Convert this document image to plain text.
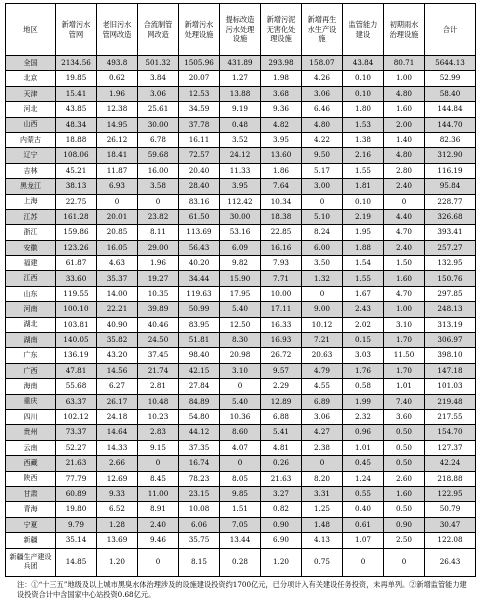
地区	新增污水管网	老旧污水管网改造	合流制管网改造	新增污水处理设施	提标改造污水处理设施	新增污泥无害化处理设施	新增再生水生产设施	监管能力建设	初期雨水治理设施	合计
全国	2134.56	493.8	501.32	1505.96	431.89	293.98	158.07	43.84	80.71	5644.13
北京	19.85	0.62	3.84	20.07	1.27	1.98	4.26	0.10	1.00	52.99
天津	15.41	1.96	3.06	12.53	13.88	3.68	3.06	0.10	4.80	58.40
河北	43.85	12.38	25.61	34.59	9.19	9.36	6.46	1.80	1.60	144.84
山西	48.34	14.95	30.00	37.78	0.48	4.82	4.80	1.53	2.00	144.70
内蒙古	18.88	26.12	6.78	16.11	3.52	3.95	4.22	1.38	1.40	82.36
辽宁	108.06	18.41	59.68	72.57	24.12	13.60	9.50	2.16	4.80	312.90
吉林	45.21	11.87	16.00	20.40	11.33	1.86	5.17	1.55	2.80	116.19
黑龙江	38.13	6.93	3.58	28.40	3.95	7.64	3.00	1.81	2.40	95.84
上海	22.75	0	0	83.16	112.42	10.34	0	0.10	0	228.77
江苏	161.28	20.01	23.82	61.50	30.00	18.38	5.10	2.19	4.40	326.68
浙江	159.86	20.85	8.11	113.69	53.16	22.85	8.24	1.95	4.70	393.41
安徽	123.26	16.05	29.00	56.43	6.09	16.16	6.00	1.88	2.40	257.27
福建	61.87	4.63	1.96	40.20	9.82	7.93	3.50	1.54	1.50	132.95
江西	33.60	35.37	19.27	34.44	15.90	7.71	1.32	1.55	1.60	150.76
山东	119.55	14.00	10.35	119.63	17.95	10.00	0	1.67	4.70	297.85
河南	100.10	22.21	39.89	50.99	5.40	17.11	9.00	2.43	1.00	248.13
湖北	103.81	40.90	40.46	83.95	12.50	16.33	10.12	2.02	3.10	313.19
湖南	140.05	35.82	24.50	51.81	8.30	16.93	7.21	0.15	1.70	306.97
广东	136.19	43.20	37.45	98.40	20.98	26.72	20.63	3.03	11.50	398.10
广西	47.81	14.56	21.74	42.15	3.10	9.57	4.79	1.76	1.70	147.18
海南	55.68	6.27	2.81	27.84	0	2.29	4.55	0.58	1.01	101.03
重庆	63.37	26.17	10.48	84.89	5.40	12.89	6.89	1.99	7.40	219.48
四川	102.12	24.18	10.23	54.80	10.36	6.88	3.06	2.32	3.60	217.55
贵州	73.37	14.64	2.83	44.12	8.60	5.41	4.27	0.96	0.50	154.70
云南	52.27	14.33	9.15	37.35	4.07	4.81	2.38	1.01	0.50	127.37
西藏	21.63	2.66	0	16.74	0	0.26	0	0.45	0.50	42.24
陕西	77.79	12.69	8.45	78.23	8.05	21.63	8.20	1.24	2.60	218.88
甘肃	60.89	9.33	11.00	23.15	9.85	3.27	3.31	0.55	1.60	122.95
青海	19.80	6.52	8.91	10.08	1.51	0.82	1.25	0.40	0.50	50.79
宁夏	9.79	1.28	2.40	6.06	7.05	0.90	1.48	0.61	0.90	30.47
新疆	35.14	13.69	9.46	35.75	13.44	6.90	4.13	1.07	2.50	122.08
新疆生产建设兵团	14.85	1.20	0	8.15	0.28	1.20	0.75	0	0	26.43

注：①“十三五”地级及以上城市黑臭水体治理涉及的设施建设投资约1700亿元，已分项计入有关建设任务投资，未再单列。②新增监管能力建设投资合计中含国家中心站投资0.68亿元。
